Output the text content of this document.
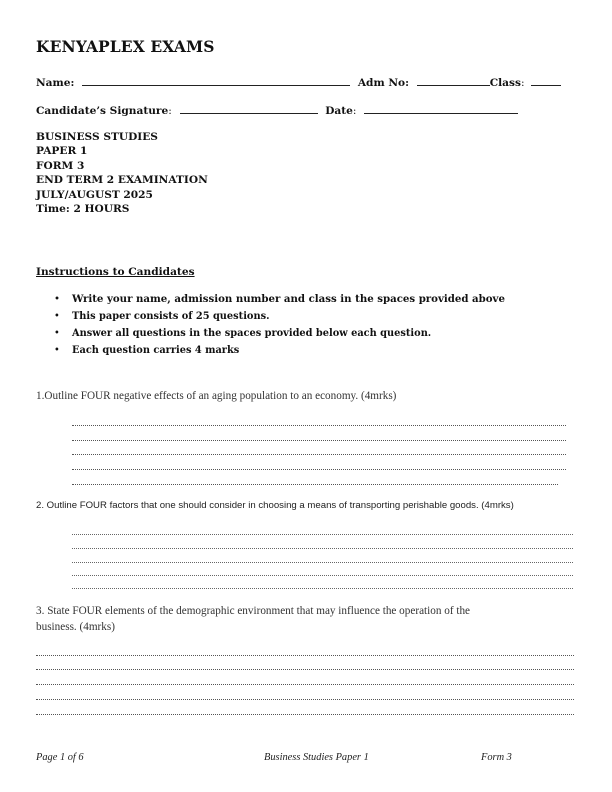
KENYAPLEX EXAMS
Name:	Adm No:	Class:
Candidate’s Signature:	Date:
BUSINESS STUDIES
PAPER 1
FORM 3
END TERM 2 EXAMINATION
JULY/AUGUST 2025
Time: 2 HOURS
Instructions to Candidates
• Write your name, admission number and class in the spaces provided above
• This paper consists of 25 questions.
• Answer all questions in the spaces provided below each question.
• Each question carries 4 marks
1.Outline FOUR negative effects of an aging population to an economy. (4mrks)
2. Outline FOUR factors that one should consider in choosing a means of transporting perishable goods. (4mrks)
3. State FOUR elements of the demographic environment that may influence the operation of the
business. (4mrks)
Page 1 of 6	Business Studies Paper 1	Form 3
